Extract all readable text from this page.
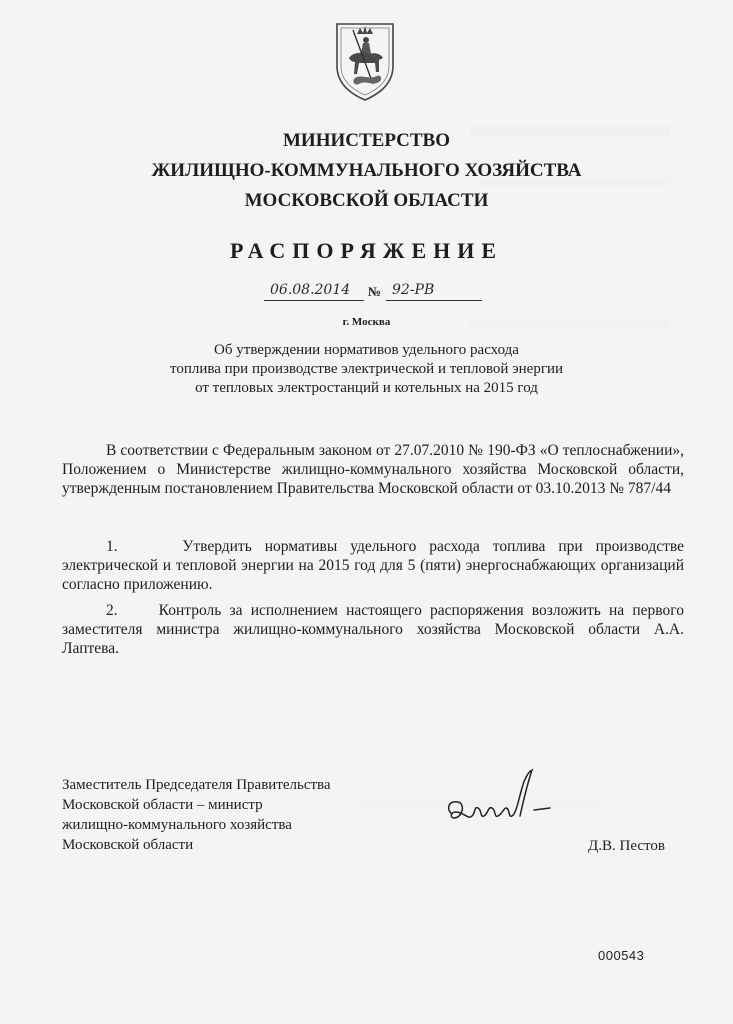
МИНИСТЕРСТВО
ЖИЛИЩНО-КОММУНАЛЬНОГО ХОЗЯЙСТВА
МОСКОВСКОЙ ОБЛАСТИ
РАСПОРЯЖЕНИЕ
06.08.2014 № 92-РВ
г. Москва
Об утверждении нормативов удельного расхода
топлива при производстве электрической и тепловой энергии
от тепловых электростанций и котельных на 2015 год
В соответствии с Федеральным законом от 27.07.2010 № 190-ФЗ «О теплоснабжении», Положением о Министерстве жилищно-коммунального хозяйства Московской области, утвержденным постановлением Правительства Московской области от 03.10.2013 № 787/44
1.     Утвердить нормативы удельного расхода топлива при производстве электрической и тепловой энергии на 2015 год для 5 (пяти) энергоснабжающих организаций согласно приложению.
2.     Контроль за исполнением настоящего распоряжения возложить на первого заместителя министра жилищно-коммунального хозяйства Московской области А.А. Лаптева.
Заместитель Председателя Правительства
Московской области – министр
жилищно-коммунального хозяйства
Московской области	Д.В. Пестов
000543
